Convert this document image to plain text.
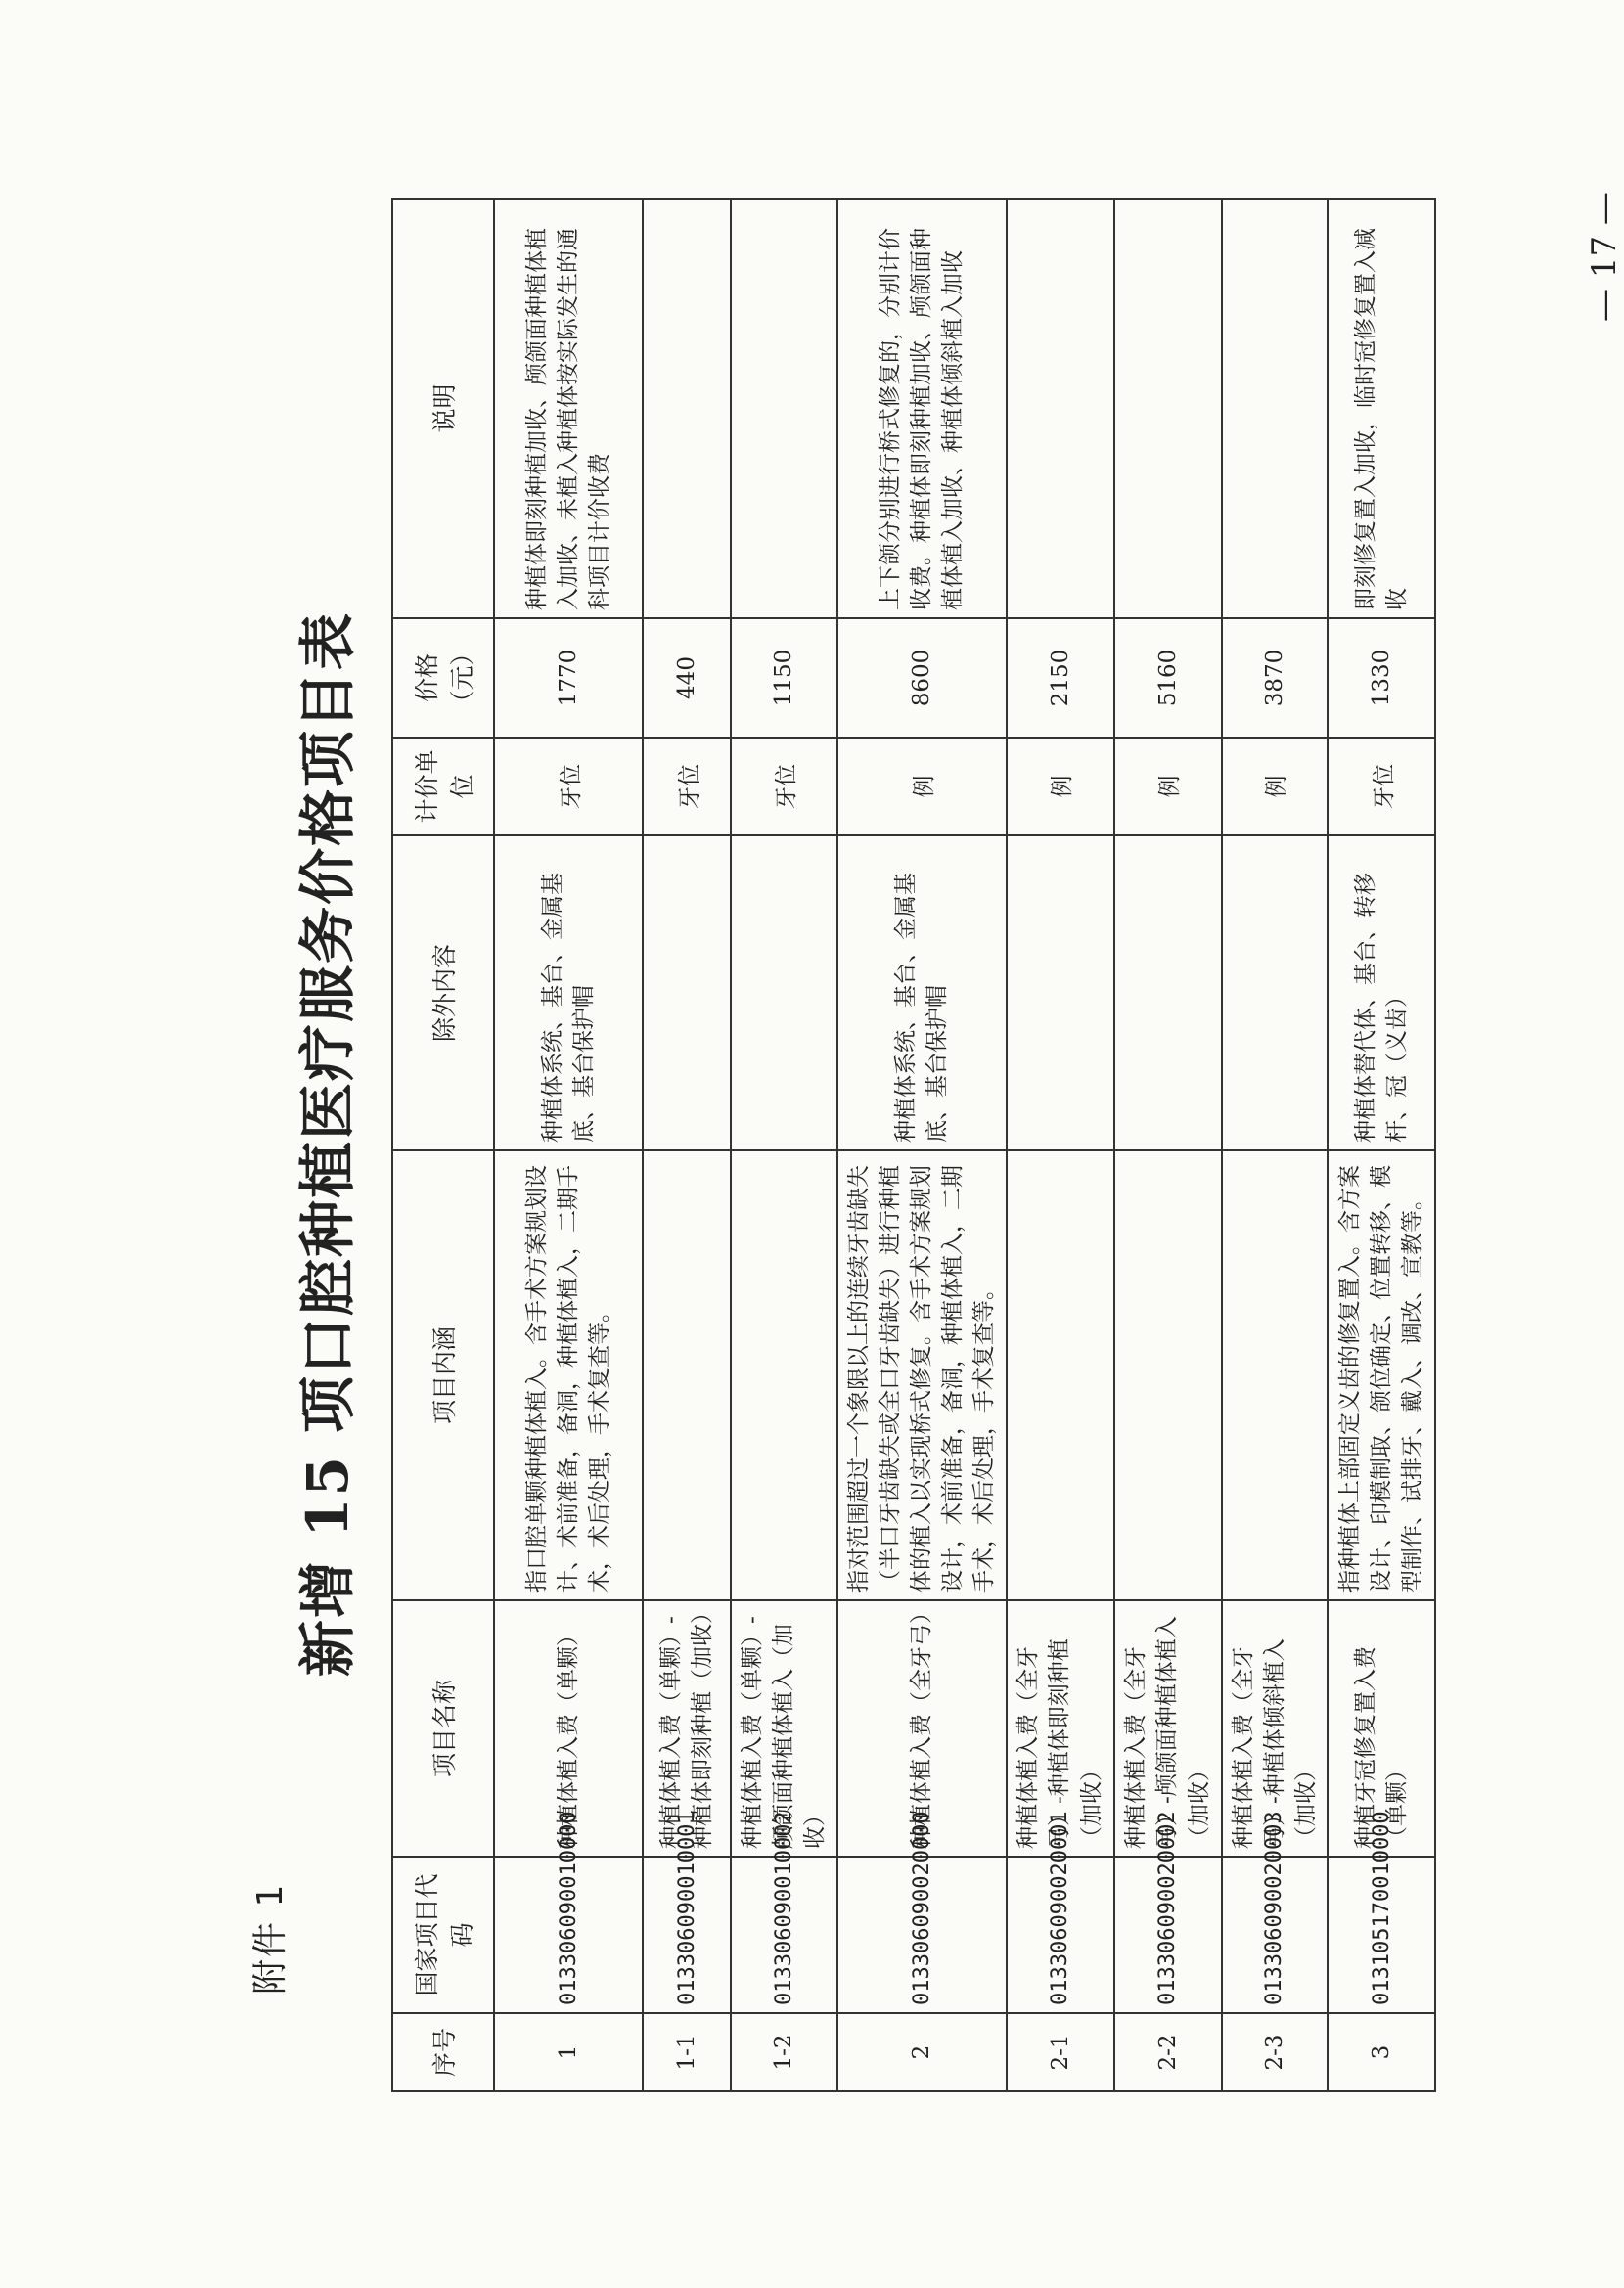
附件 1
新增 15 项口腔种植医疗服务价格项目表
序号	国家项目代码	项目名称	项目内涵	除外内容	计价单位	价格（元）	说明
1	013306090010000	种植体植入费（单颗）	指口腔单颗种植体植入。含手术方案规划设计、术前准备，备洞，种植体植入，二期手术，术后处理，手术复查等。	种植体系统、基台、金属基底、基台保护帽	牙位	1770	种植体即刻种植加收、颅颌面种植体植入加收、未植入种植体按实际发生的通科项目计价收费
1-1	013306090010001	种植体植入费（单颗）-种植体即刻种植（加收）			牙位	440	
1-2	013306090010002	种植体植入费（单颗）-颅颌面种植体植入（加收）			牙位	1150	
2	013306090020000	种植体植入费（全牙弓）	指对范围超过一个象限以上的连续牙齿缺失（半口牙齿缺失或全口牙齿缺失）进行种植体的植入以实现桥式修复。含手术方案规划设计，术前准备，备洞，种植体植入，二期手术，术后处理，手术复查等。	种植体系统、基台、金属基底、基台保护帽	例	8600	上下颌分别进行桥式修复的，分别计价收费。种植体即刻种植加收、颅颌面种植体植入加收、种植体倾斜植入加收
2-1	013306090020001	种植体植入费（全牙弓）-种植体即刻种植（加收）			例	2150	
2-2	013306090020002	种植体植入费（全牙弓）-颅颌面种植体植入（加收）			例	5160	
2-3	013306090020003	种植体植入费（全牙弓）-种植体倾斜植入（加收）			例	3870	
3	013105170010000	种植牙冠修复置入费（单颗）	指种植体上部固定义齿的修复置入。含方案设计、印模制取、颌位确定、位置转移、模型制作、试排牙、戴入、调改、宣教等。	种植体替代体、基台、转移杆、冠（义齿）	牙位	1330	即刻修复置入加收，临时冠修复置入减收
— 17 —
